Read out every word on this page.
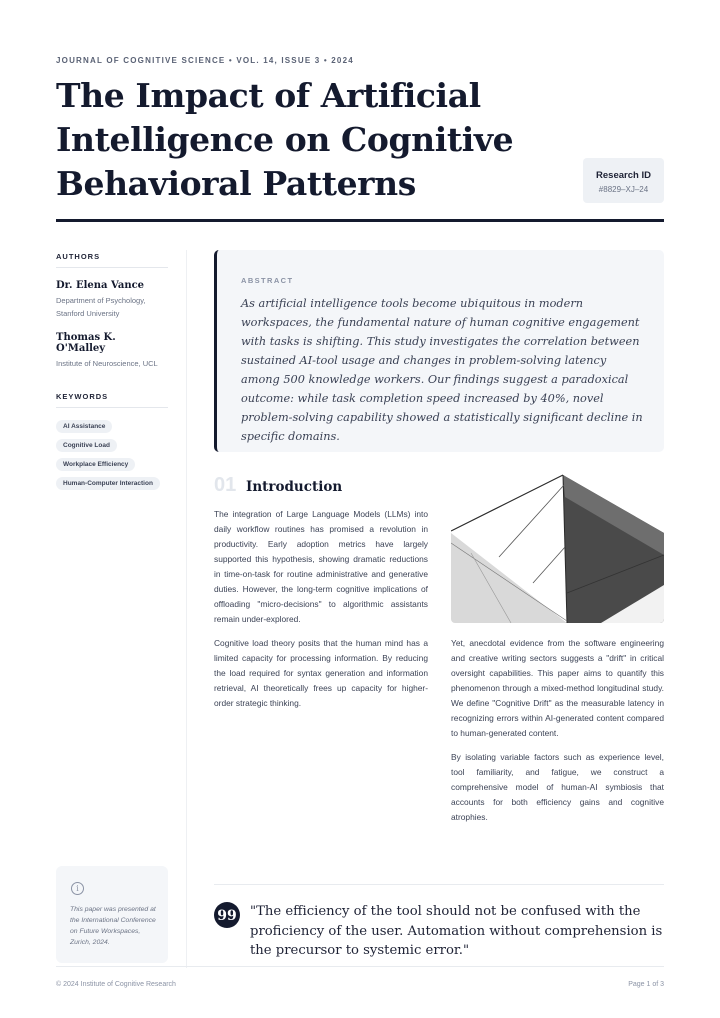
JOURNAL OF COGNITIVE SCIENCE • VOL. 14, ISSUE 3 • 2024
The Impact of Artificial
Intelligence on Cognitive
Behavioral Patterns	Research ID
#8829–XJ–24
AUTHORS
Dr. Elena Vance
Department of Psychology,
Stanford University
Thomas K. O'Malley
Institute of Neuroscience, UCL
KEYWORDS
AI Assistance
Cognitive Load
Workplace Efficiency
Human-Computer Interaction
i
This paper was presented at the International Conference on Future Workspaces, Zurich, 2024.
ABSTRACT
As artificial intelligence tools become ubiquitous in modern workspaces, the fundamental nature of human cognitive engagement with tasks is shifting. This study investigates the correlation between sustained AI-tool usage and changes in problem-solving latency among 500 knowledge workers. Our findings suggest a paradoxical outcome: while task completion speed increased by 40%, novel problem-solving capability showed a statistically significant decline in specific domains.
01 Introduction

The integration of Large Language Models (LLMs) into daily workflow routines has promised a revolution in productivity. Early adoption metrics have largely supported this hypothesis, showing dramatic reductions in time-on-task for routine administrative and generative duties. However, the long-term cognitive implications of offloading "micro-decisions" to algorithmic assistants remain under-explored.

Cognitive load theory posits that the human mind has a limited capacity for processing information. By reducing the load required for syntax generation and information retrieval, AI theoretically frees up capacity for higher-order strategic thinking.

Yet, anecdotal evidence from the software engineering and creative writing sectors suggests a "drift" in critical oversight capabilities. This paper aims to quantify this phenomenon through a mixed-method longitudinal study. We define "Cognitive Drift" as the measurable latency in recognizing errors within AI-generated content compared to human-generated content.

By isolating variable factors such as experience level, tool familiarity, and fatigue, we construct a comprehensive model of human-AI symbiosis that accounts for both efficiency gains and cognitive atrophies.

99 "The efficiency of the tool should not be confused with the proficiency of the user. Automation without comprehension is the precursor to systemic error."
© 2024 Institute of Cognitive Research	Page 1 of 3
